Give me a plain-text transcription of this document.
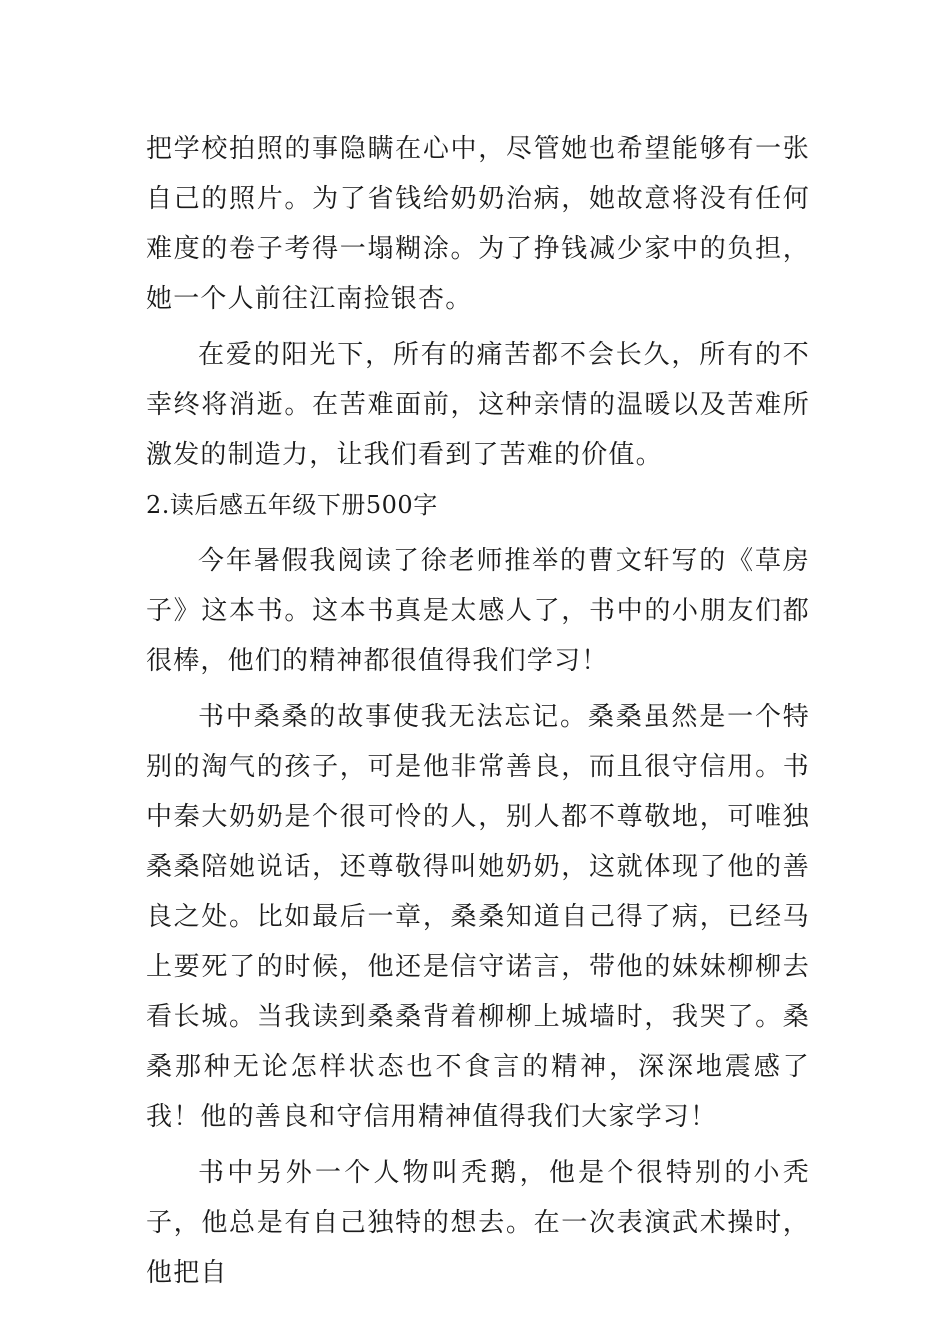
把学校拍照的事隐瞒在心中，尽管她也希望能够有一张自己的照片。为了省钱给奶奶治病，她故意将没有任何难度的卷子考得一塌糊涂。为了挣钱减少家中的负担，她一个人前往江南捡银杏。

在爱的阳光下，所有的痛苦都不会长久，所有的不幸终将消逝。在苦难面前，这种亲情的温暖以及苦难所激发的制造力，让我们看到了苦难的价值。

2.读后感五年级下册500字

今年暑假我阅读了徐老师推举的曹文轩写的《草房子》这本书。这本书真是太感人了，书中的小朋友们都很棒，他们的精神都很值得我们学习！

书中桑桑的故事使我无法忘记。桑桑虽然是一个特别的淘气的孩子，可是他非常善良，而且很守信用。书中秦大奶奶是个很可怜的人，别人都不尊敬地，可唯独桑桑陪她说话，还尊敬得叫她奶奶，这就体现了他的善良之处。比如最后一章，桑桑知道自己得了病，已经马上要死了的时候，他还是信守诺言，带他的妹妹柳柳去看长城。当我读到桑桑背着柳柳上城墙时，我哭了。桑桑那种无论怎样状态也不食言的精神，深深地震感了我！他的善良和守信用精神值得我们大家学习！

书中另外一个人物叫秃鹅，他是个很特别的小秃子，他总是有自己独特的想去。在一次表演武术操时，他把自
